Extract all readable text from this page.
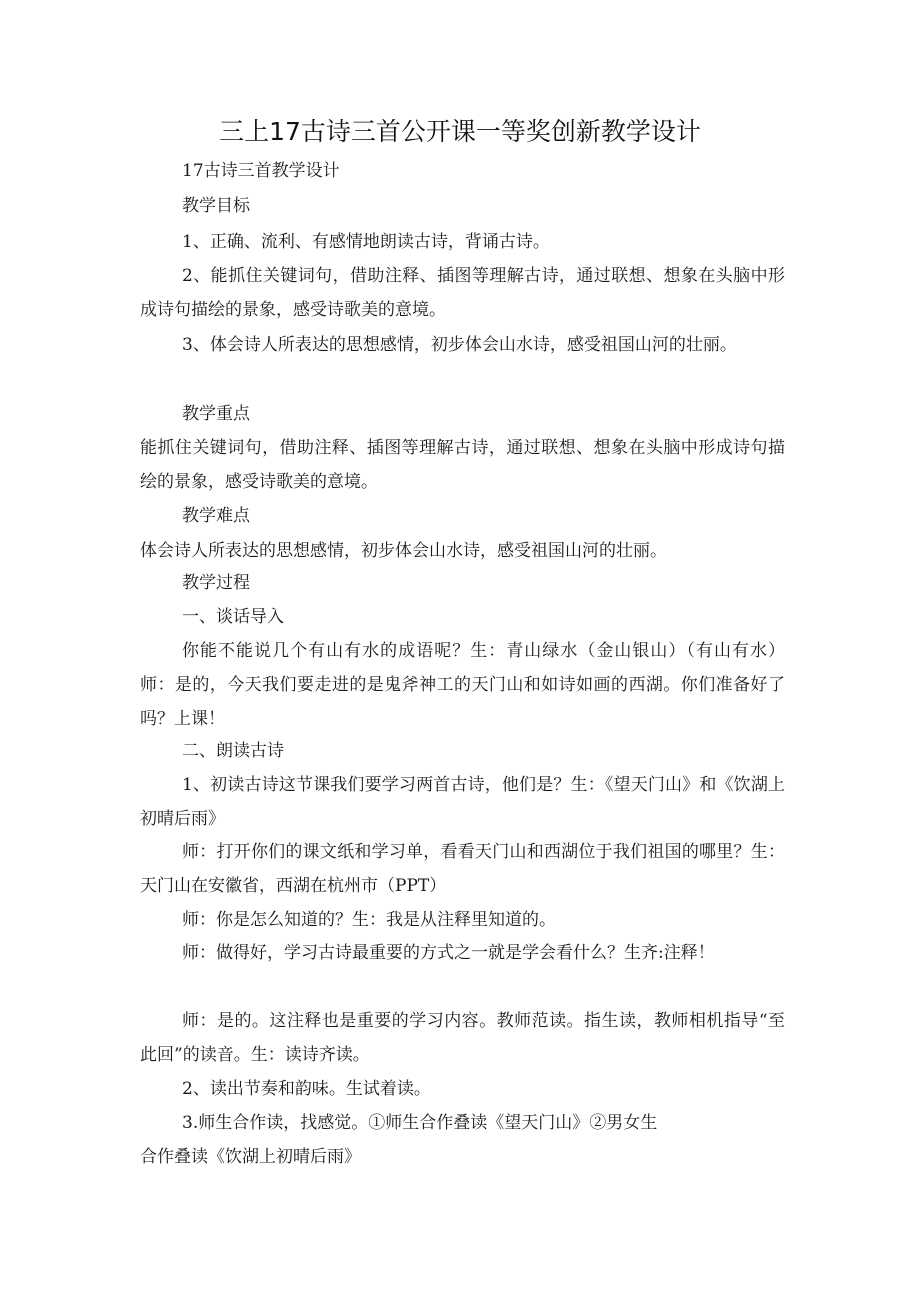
三上17古诗三首公开课一等奖创新教学设计
17古诗三首教学设计
教学目标
1、正确、流利、有感情地朗读古诗，背诵古诗。
2、能抓住关键词句，借助注释、插图等理解古诗，通过联想、想象在头脑中形成诗句描绘的景象，感受诗歌美的意境。
3、体会诗人所表达的思想感情，初步体会山水诗，感受祖国山河的壮丽。
教学重点
能抓住关键词句，借助注释、插图等理解古诗，通过联想、想象在头脑中形成诗句描绘的景象，感受诗歌美的意境。
教学难点
体会诗人所表达的思想感情，初步体会山水诗，感受祖国山河的壮丽。
教学过程
一、谈话导入
你能不能说几个有山有水的成语呢？生：青山绿水（金山银山）（有山有水）师：是的，今天我们要走进的是鬼斧神工的天门山和如诗如画的西湖。你们准备好了吗？上课！
二、朗读古诗
1、初读古诗这节课我们要学习两首古诗，他们是？生：《望天门山》和《饮湖上初晴后雨》
师：打开你们的课文纸和学习单，看看天门山和西湖位于我们祖国的哪里？生：天门山在安徽省，西湖在杭州市（PPT）
师：你是怎么知道的？生：我是从注释里知道的。
师：做得好，学习古诗最重要的方式之一就是学会看什么？生齐:注释！
师：是的。这注释也是重要的学习内容。教师范读。指生读，教师相机指导“至此回”的读音。生：读诗齐读。
2、读出节奏和韵味。生试着读。
3.师生合作读，找感觉。①师生合作叠读《望天门山》②男女生
合作叠读《饮湖上初晴后雨》
